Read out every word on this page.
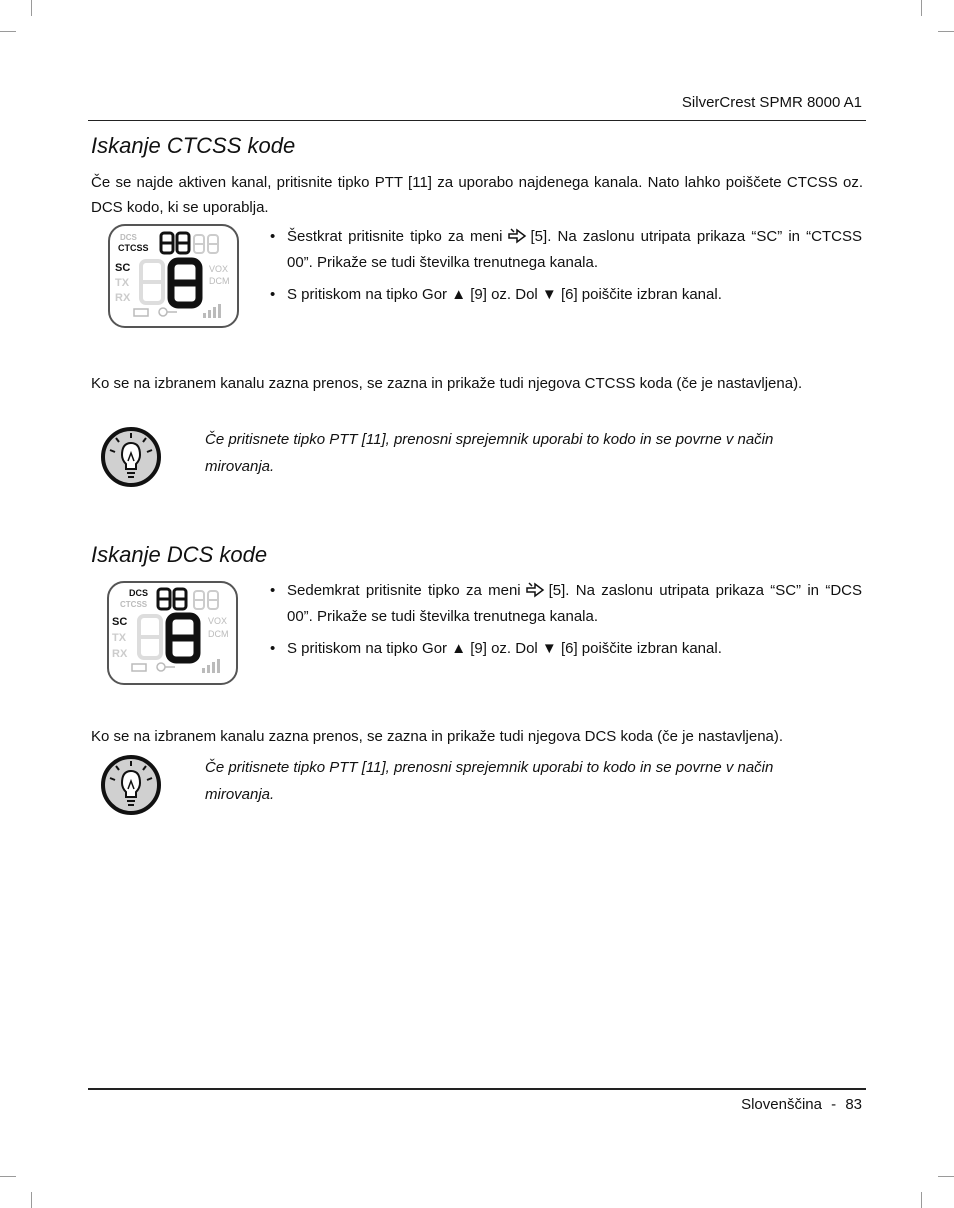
SilverCrest SPMR 8000 A1
Iskanje CTCSS kode
Če se najde aktiven kanal, pritisnite tipko PTT [11] za uporabo najdenega kanala. Nato lahko poiščete CTCSS oz. DCS kodo, ki se uporablja.
DCS
CTCSS
SC
TX
RX
VOX
DCM

• Šestkrat pritisnite tipko za meni [5]. Na zaslonu utripata prikaza “SC” in “CTCSS 00”. Prikaže se tudi številka trenutnega kanala.

• S pritiskom na tipko Gor ▲ [9] oz. Dol ▼ [6] poiščite izbran kanal.

Ko se na izbranem kanalu zazna prenos, se zazna in prikaže tudi njegova CTCSS koda (če je nastavljena).
Če pritisnete tipko PTT [11], prenosni sprejemnik uporabi to kodo in se povrne v način mirovanja.
Iskanje DCS kode
DCS
CTCSS
SC
TX
RX
VOX
DCM

• Sedemkrat pritisnite tipko za meni [5]. Na zaslonu utripata prikaza “SC” in “DCS 00”. Prikaže se tudi številka trenutnega kanala.

• S pritiskom na tipko Gor ▲ [9] oz. Dol ▼ [6] poiščite izbran kanal.

Ko se na izbranem kanalu zazna prenos, se zazna in prikaže tudi njegova DCS koda (če je nastavljena).
Če pritisnete tipko PTT [11], prenosni sprejemnik uporabi to kodo in se povrne v način mirovanja.
Slovenščina - 83
